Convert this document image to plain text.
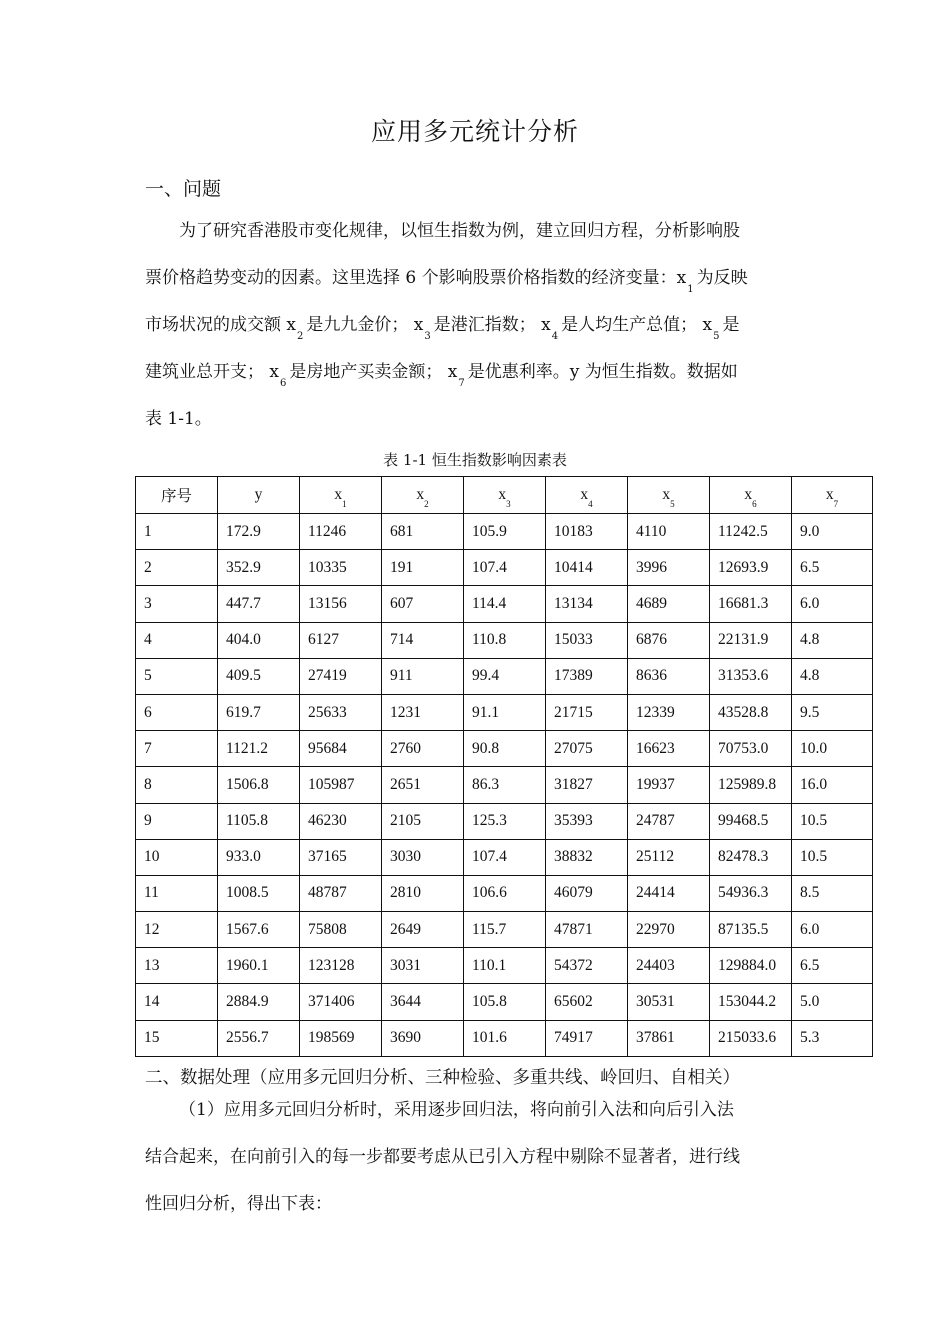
应用多元统计分析
一、问题
为了研究香港股市变化规律，以恒生指数为例，建立回归方程，分析影响股
票价格趋势变动的因素。这里选择 6 个影响股票价格指数的经济变量：$x_1$为反映
市场状况的成交额 $x_2$是九九金价； $x_3$是港汇指数； $x_4$是人均生产总值； $x_5$是
建筑业总开支； $x_6$是房地产买卖金额； $x_7$是优惠利率。y 为恒生指数。数据如
表 1-1。
表 1-1 恒生指数影响因素表
序号	y	$x_1$	$x_2$	$x_3$	$x_4$	$x_5$	$x_6$	$x_7$
1	172.9	11246	681	105.9	10183	4110	11242.5	9.0
2	352.9	10335	191	107.4	10414	3996	12693.9	6.5
3	447.7	13156	607	114.4	13134	4689	16681.3	6.0
4	404.0	6127	714	110.8	15033	6876	22131.9	4.8
5	409.5	27419	911	99.4	17389	8636	31353.6	4.8
6	619.7	25633	1231	91.1	21715	12339	43528.8	9.5
7	1121.2	95684	2760	90.8	27075	16623	70753.0	10.0
8	1506.8	105987	2651	86.3	31827	19937	125989.8	16.0
9	1105.8	46230	2105	125.3	35393	24787	99468.5	10.5
10	933.0	37165	3030	107.4	38832	25112	82478.3	10.5
11	1008.5	48787	2810	106.6	46079	24414	54936.3	8.5
12	1567.6	75808	2649	115.7	47871	22970	87135.5	6.0
13	1960.1	123128	3031	110.1	54372	24403	129884.0	6.5
14	2884.9	371406	3644	105.8	65602	30531	153044.2	5.0
15	2556.7	198569	3690	101.6	74917	37861	215033.6	5.3
二、数据处理（应用多元回归分析、三种检验、多重共线、岭回归、自相关）
（1）应用多元回归分析时，采用逐步回归法，将向前引入法和向后引入法
结合起来，在向前引入的每一步都要考虑从已引入方程中剔除不显著者，进行线
性回归分析，得出下表：
